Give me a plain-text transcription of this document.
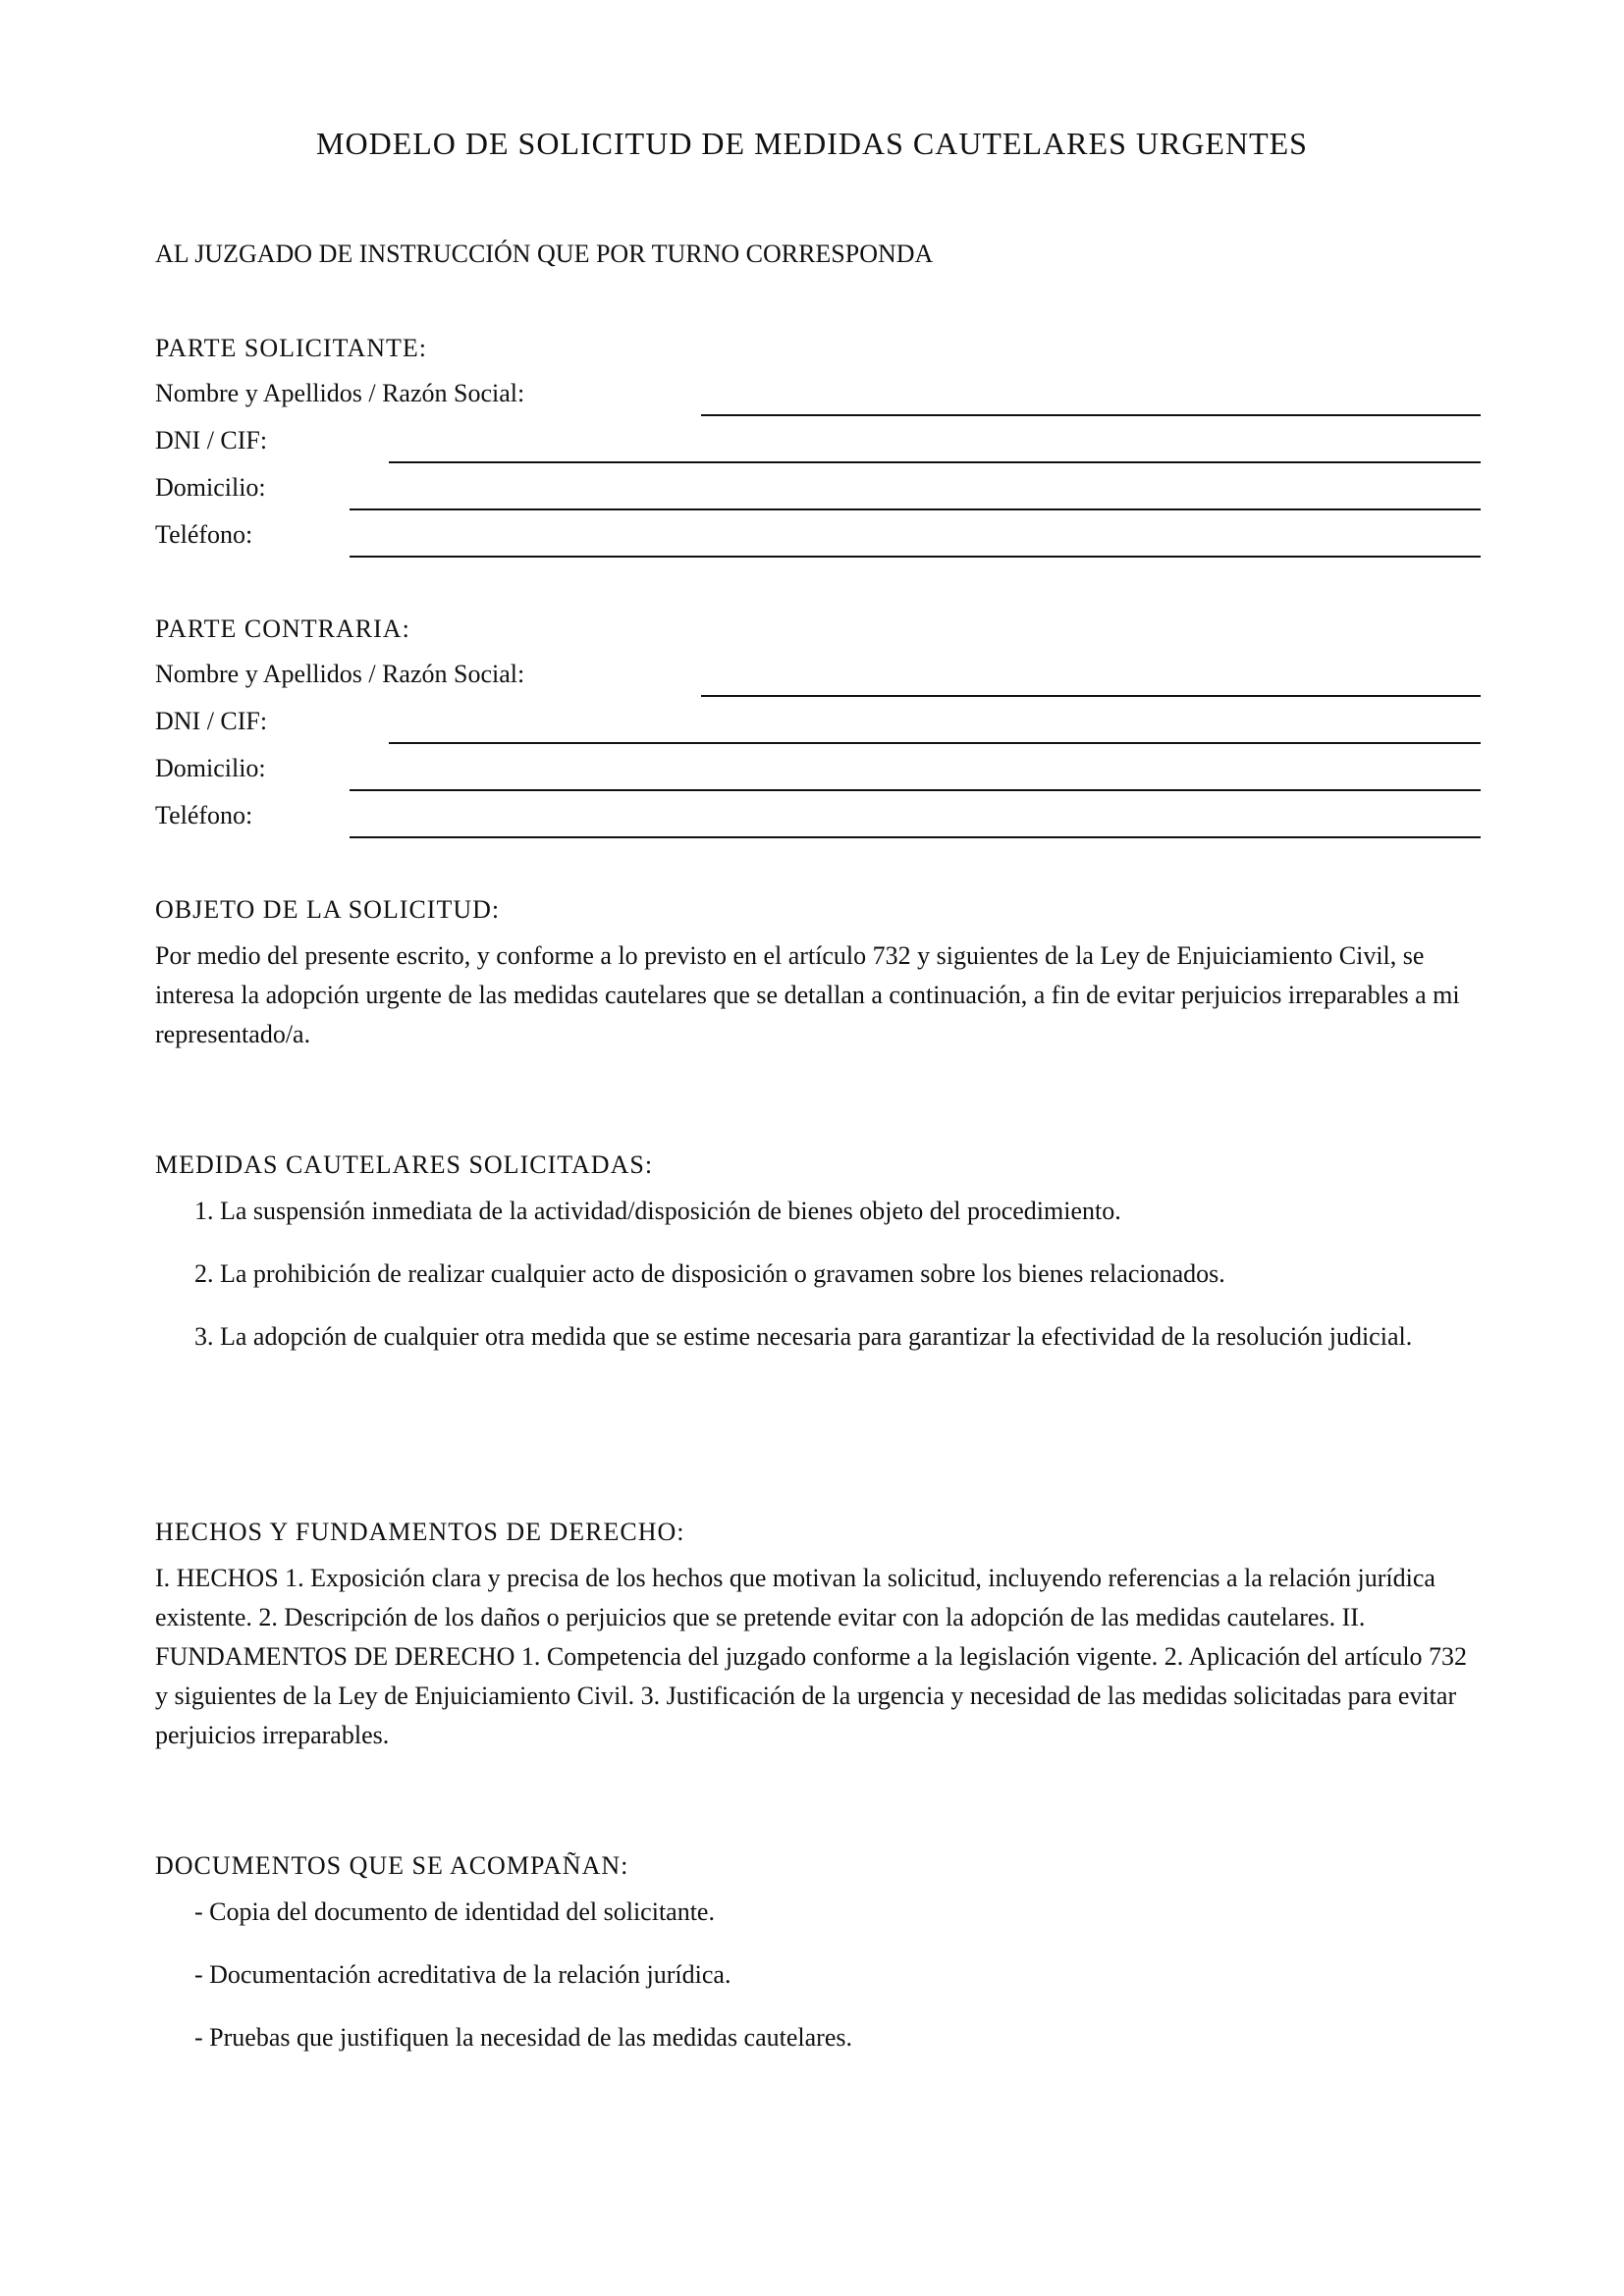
MODELO DE SOLICITUD DE MEDIDAS CAUTELARES URGENTES
AL JUZGADO DE INSTRUCCIÓN QUE POR TURNO CORRESPONDA
PARTE SOLICITANTE:
Nombre y Apellidos / Razón Social:
DNI / CIF:
Domicilio:
Teléfono:
PARTE CONTRARIA:
Nombre y Apellidos / Razón Social:
DNI / CIF:
Domicilio:
Teléfono:
OBJETO DE LA SOLICITUD:

Por medio del presente escrito, y conforme a lo previsto en el artículo 732 y siguientes de la Ley de Enjuiciamiento Civil, se interesa la adopción urgente de las medidas cautelares que se detallan a continuación, a fin de evitar perjuicios irreparables a mi representado/a.

MEDIDAS CAUTELARES SOLICITADAS:
1. La suspensión inmediata de la actividad/disposición de bienes objeto del procedimiento.
2. La prohibición de realizar cualquier acto de disposición o gravamen sobre los bienes relacionados.
3. La adopción de cualquier otra medida que se estime necesaria para garantizar la efectividad de la resolución judicial.
HECHOS Y FUNDAMENTOS DE DERECHO:

I. HECHOS 1. Exposición clara y precisa de los hechos que motivan la solicitud, incluyendo referencias a la relación jurídica existente. 2. Descripción de los daños o perjuicios que se pretende evitar con la adopción de las medidas cautelares. II. FUNDAMENTOS DE DERECHO 1. Competencia del juzgado conforme a la legislación vigente. 2. Aplicación del artículo 732 y siguientes de la Ley de Enjuiciamiento Civil. 3. Justificación de la urgencia y necesidad de las medidas solicitadas para evitar perjuicios irreparables.

DOCUMENTOS QUE SE ACOMPAÑAN:
- Copia del documento de identidad del solicitante.
- Documentación acreditativa de la relación jurídica.
- Pruebas que justifiquen la necesidad de las medidas cautelares.
